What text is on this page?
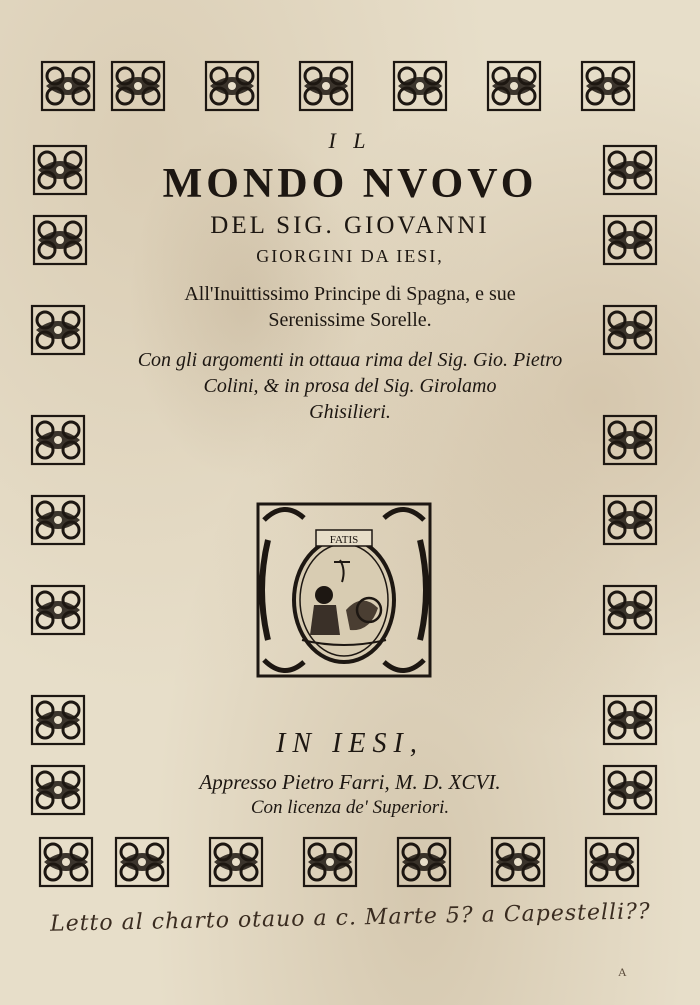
I L
MONDO NVOVO
DEL SIG. GIOVANNI
GIORGINI DA IESI,
All'Inuittissimo Principe di Spagna, e sue
Serenissime Sorelle.
Con gli argomenti in ottaua rima del Sig. Gio. Pietro
Colini, & in prosa del Sig. Girolamo
Ghisilieri.
FATIS
IN IESI,
Appresso Pietro Farri, M. D. XCVI.
Con licenza de' Superiori.
Letto al charto otauo a c. Marte 5? a Capestelli??
A
